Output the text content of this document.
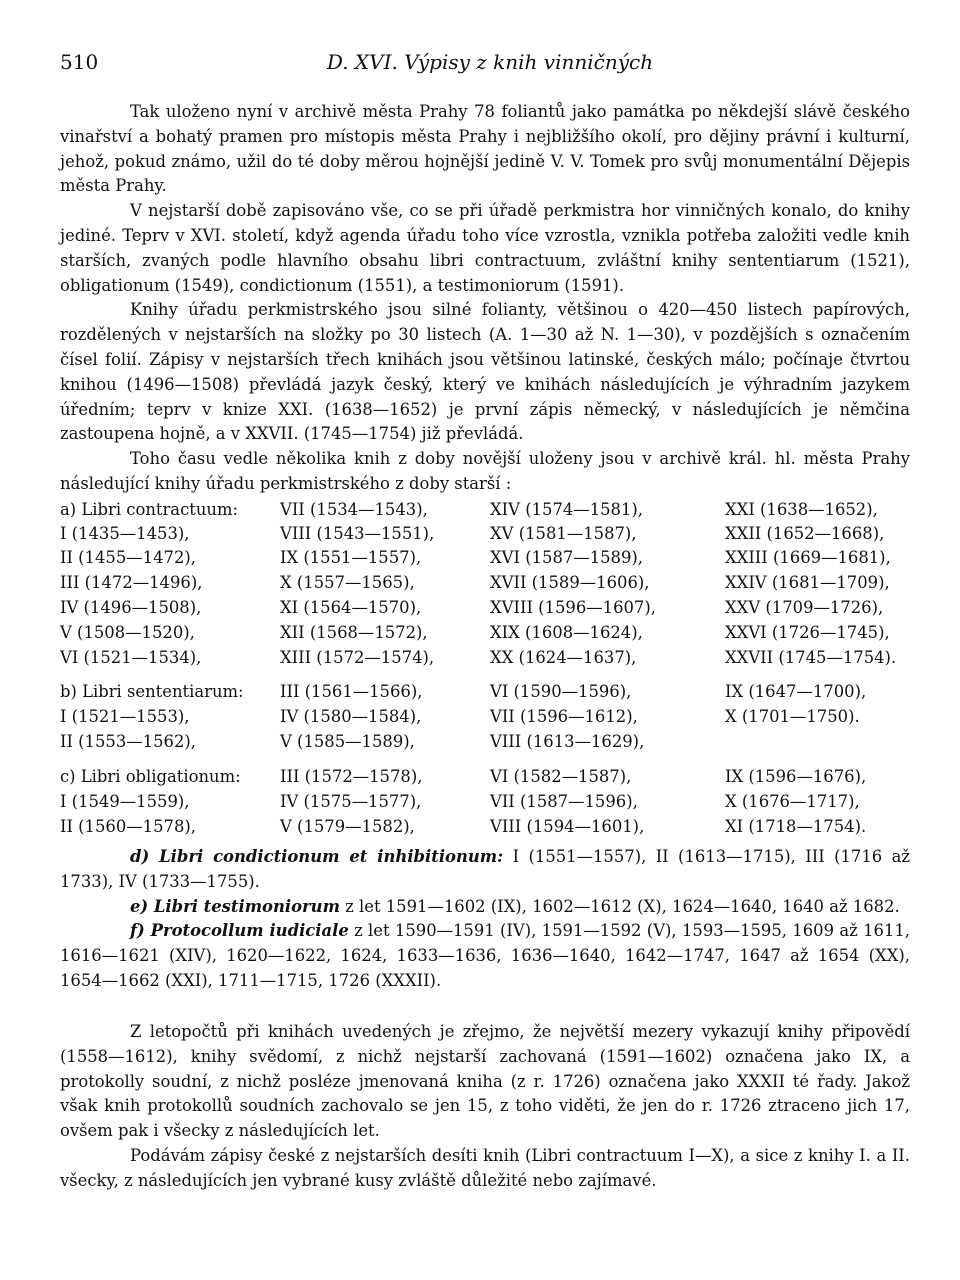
510	D. XVI. Výpisy z knih vinničných

Tak uloženo nyní v archivě města Prahy 78 foliantů jako památka po někdejší slávě českého vinařství a bohatý pramen pro místopis města Prahy i nejbližšího okolí, pro dějiny právní i kulturní, jehož, pokud známo, užil do té doby měrou hojnější jedině V. V. Tomek pro svůj monumentální Dějepis města Prahy.

V nejstarší době zapisováno vše, co se při úřadě perkmistra hor vinničných konalo, do knihy jediné. Teprv v XVI. století, když agenda úřadu toho více vzrostla, vznikla potřeba založiti vedle knih starších, zvaných podle hlavního obsahu libri contractuum, zvláštní knihy sententiarum (1521), obligationum (1549), condictionum (1551), a testimoniorum (1591).

Knihy úřadu perkmistrského jsou silné folianty, většinou o 420—450 listech papírových, rozdělených v nejstarších na složky po 30 listech (A. 1—30 až N. 1—30), v pozdějších s označením čísel folií. Zápisy v nejstarších třech knihách jsou většinou latinské, českých málo; počínaje čtvrtou knihou (1496—1508) převládá jazyk český, který ve knihách následujících je výhradním jazykem úředním; teprv v knize XXI. (1638—1652) je první zápis německý, v následujících je němčina zastoupena hojně, a v XXVII. (1745—1754) již převládá.

Toho času vedle několika knih z doby novější uloženy jsou v archivě král. hl. města Prahy následující knihy úřadu perkmistrského z doby starší :

a) Libri contractuum:
I (1435—1453),
II (1455—1472),
III (1472—1496),
IV (1496—1508),
V (1508—1520),
VI (1521—1534),
VII (1534—1543),
VIII (1543—1551),
IX (1551—1557),
X (1557—1565),
XI (1564—1570),
XII (1568—1572),
XIII (1572—1574),
XIV (1574—1581),
XV (1581—1587),
XVI (1587—1589),
XVII (1589—1606),
XVIII (1596—1607),
XIX (1608—1624),
XX (1624—1637),
XXI (1638—1652),
XXII (1652—1668),
XXIII (1669—1681),
XXIV (1681—1709),
XXV (1709—1726),
XXVI (1726—1745),
XXVII (1745—1754).
b) Libri sententiarum:
I (1521—1553),
II (1553—1562),
III (1561—1566),
IV (1580—1584),
V (1585—1589),
VI (1590—1596),
VII (1596—1612),
VIII (1613—1629),
IX (1647—1700),
X (1701—1750).
c) Libri obligationum:
I (1549—1559),
II (1560—1578),
III (1572—1578),
IV (1575—1577),
V (1579—1582),
VI (1582—1587),
VII (1587—1596),
VIII (1594—1601),
IX (1596—1676),
X (1676—1717),
XI (1718—1754).

d) Libri condictionum et inhibitionum: I (1551—1557), II (1613—1715), III (1716 až 1733), IV (1733—1755).

e) Libri testimoniorum z let 1591—1602 (IX), 1602—1612 (X), 1624—1640, 1640 až 1682.

f) Protocollum iudiciale z let 1590—1591 (IV), 1591—1592 (V), 1593—1595, 1609 až 1611, 1616—1621 (XIV), 1620—1622, 1624, 1633—1636, 1636—1640, 1642—1747, 1647 až 1654 (XX), 1654—1662 (XXI), 1711—1715, 1726 (XXXII).

Z letopočtů při knihách uvedených je zřejmo, že největší mezery vykazují knihy připovědí (1558—1612), knihy svědomí, z nichž nejstarší zachovaná (1591—1602) označena jako IX, a protokolly soudní, z nichž posléze jmenovaná kniha (z r. 1726) označena jako XXXII té řady. Jakož však knih protokollů soudních zachovalo se jen 15, z toho viděti, že jen do r. 1726 ztraceno jich 17, ovšem pak i všecky z následujících let.

Podávám zápisy české z nejstarších desíti knih (Libri contractuum I—X), a sice z knihy I. a II. všecky, z následujících jen vybrané kusy zvláště důležité nebo zajímavé.
